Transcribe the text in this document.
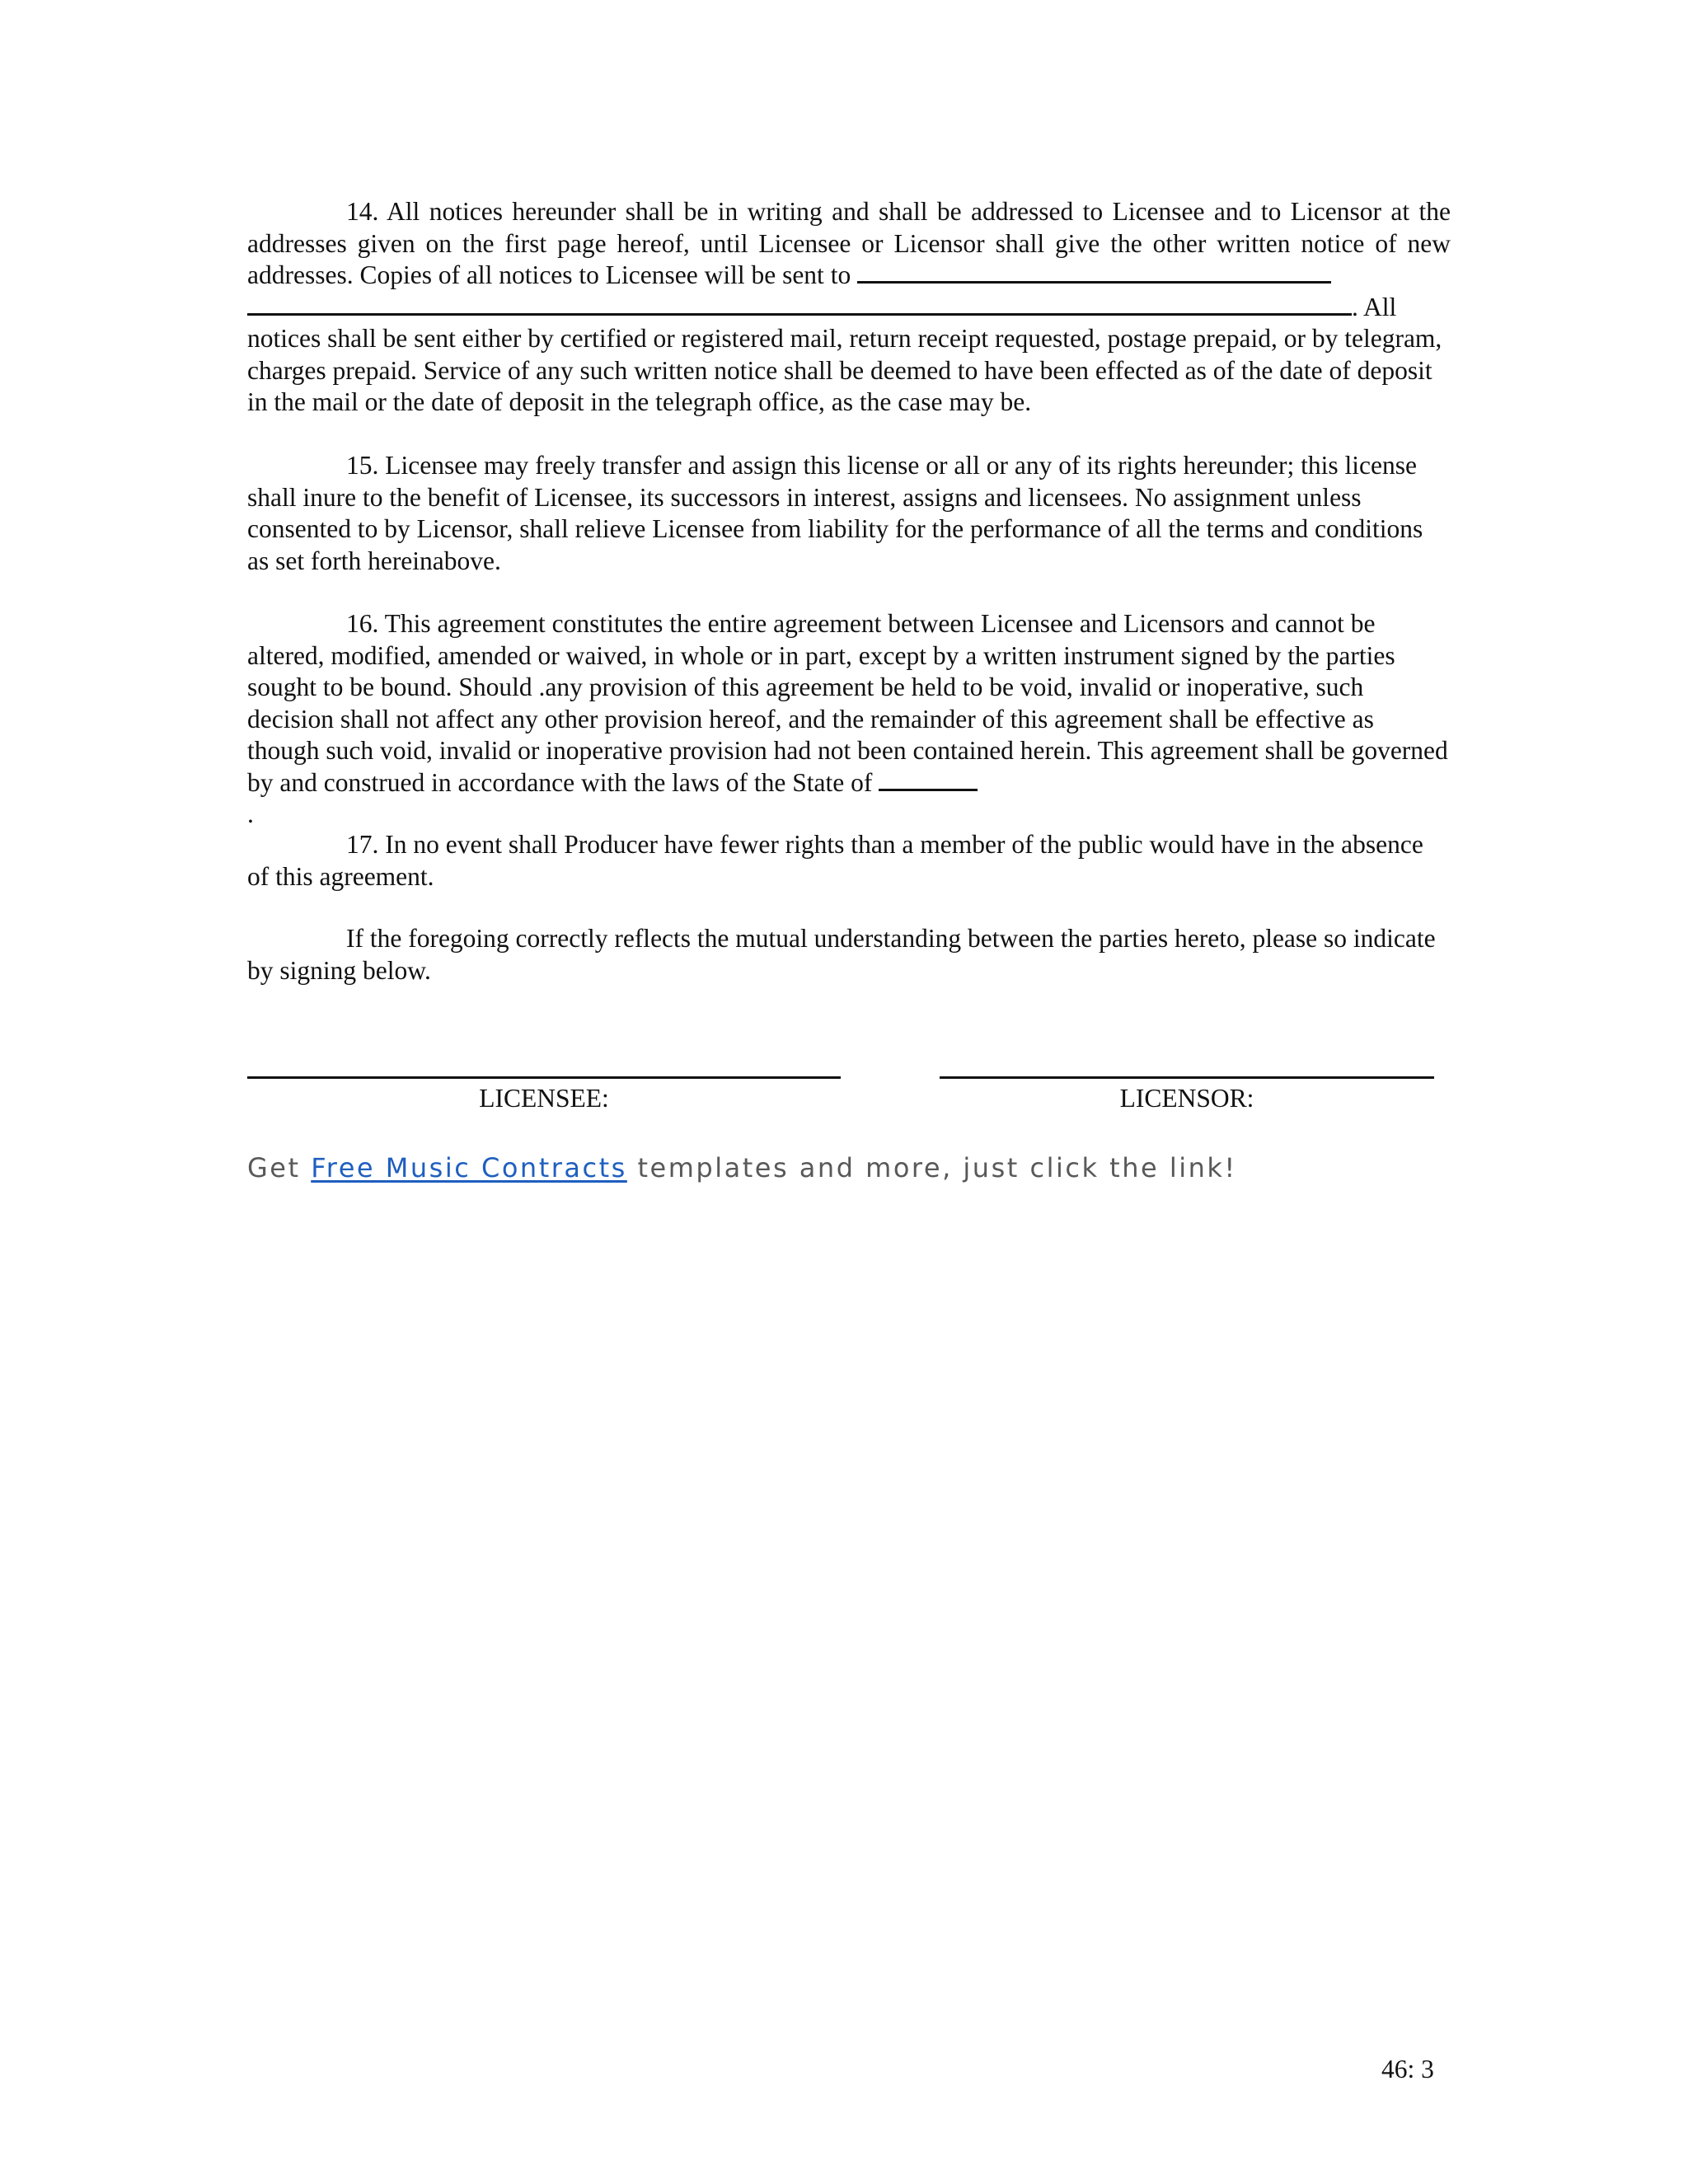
14. All notices hereunder shall be in writing and shall be addressed to Licensee and to Licensor at the addresses given on the first page hereof, until Licensee or Licensor shall give the other written notice of new addresses. Copies of all notices to Licensee will be sent to

. All

notices shall be sent either by certified or registered mail, return receipt requested, postage prepaid, or by telegram, charges prepaid. Service of any such written notice shall be deemed to have been effected as of the date of deposit in the mail or the date of deposit in the telegraph office, as the case may be.

15. Licensee may freely transfer and assign this license or all or any of its rights hereunder; this license shall inure to the benefit of Licensee, its successors in interest, assigns and licensees. No assignment unless consented to by Licensor, shall relieve Licensee from liability for the performance of all the terms and conditions as set forth hereinabove.

16. This agreement constitutes the entire agreement between Licensee and Licensors and cannot be altered, modified, amended or waived, in whole or in part, except by a written instrument signed by the parties sought to be bound. Should .any provision of this agreement be held to be void, invalid or inoperative, such decision shall not affect any other provision hereof, and the remainder of this agreement shall be effective as though such void, invalid or inoperative provision had not been contained herein. This agreement shall be governed by and construed in accordance with the laws of the State of

.

17. In no event shall Producer have fewer rights than a member of the public would have in the absence of this agreement.

If the foregoing correctly reflects the mutual understanding between the parties hereto, please so indicate by signing below.

LICENSEE:	LICENSOR:
Get Free Music Contracts templates and more, just click the link!
46: 3
